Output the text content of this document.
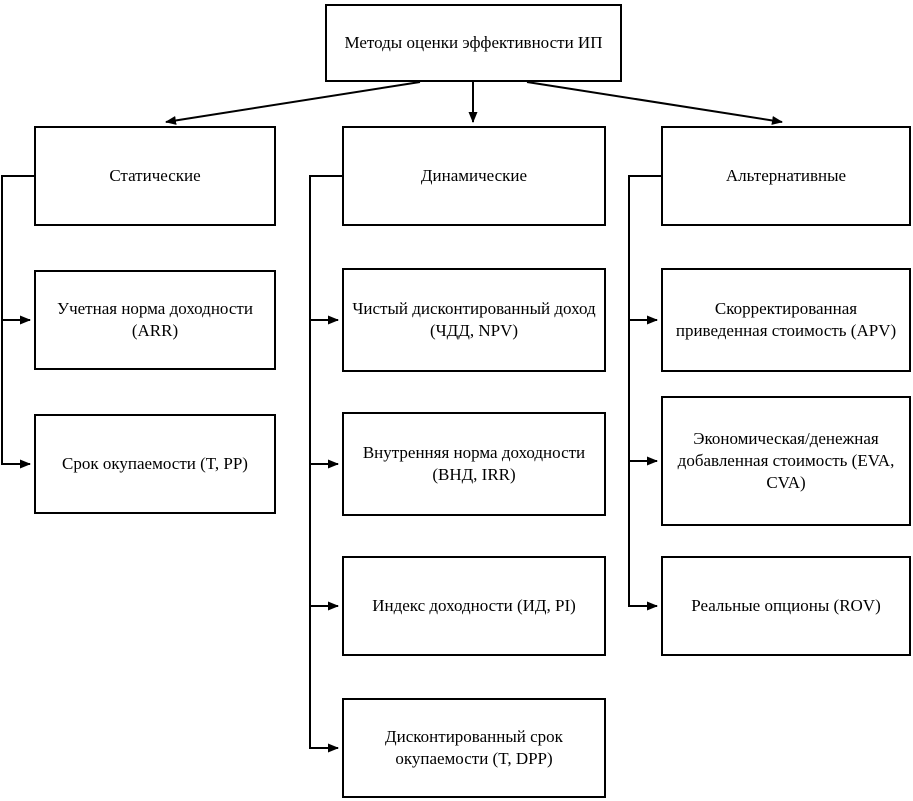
Методы оценки эффективности ИП
Статические	Динамические	Альтернативные
Учетная норма доходности (ARR)
Срок окупаемости (T, PP)
Чистый дисконтированный доход (ЧДД, NPV)
Внутренняя норма доходности (ВНД, IRR)
Индекс доходности (ИД, PI)
Дисконтированный срок окупаемости (T, DPP)
Скорректированная приведенная стоимость (APV)
Экономическая/денежная добавленная стоимость (EVA, CVA)
Реальные опционы (ROV)
